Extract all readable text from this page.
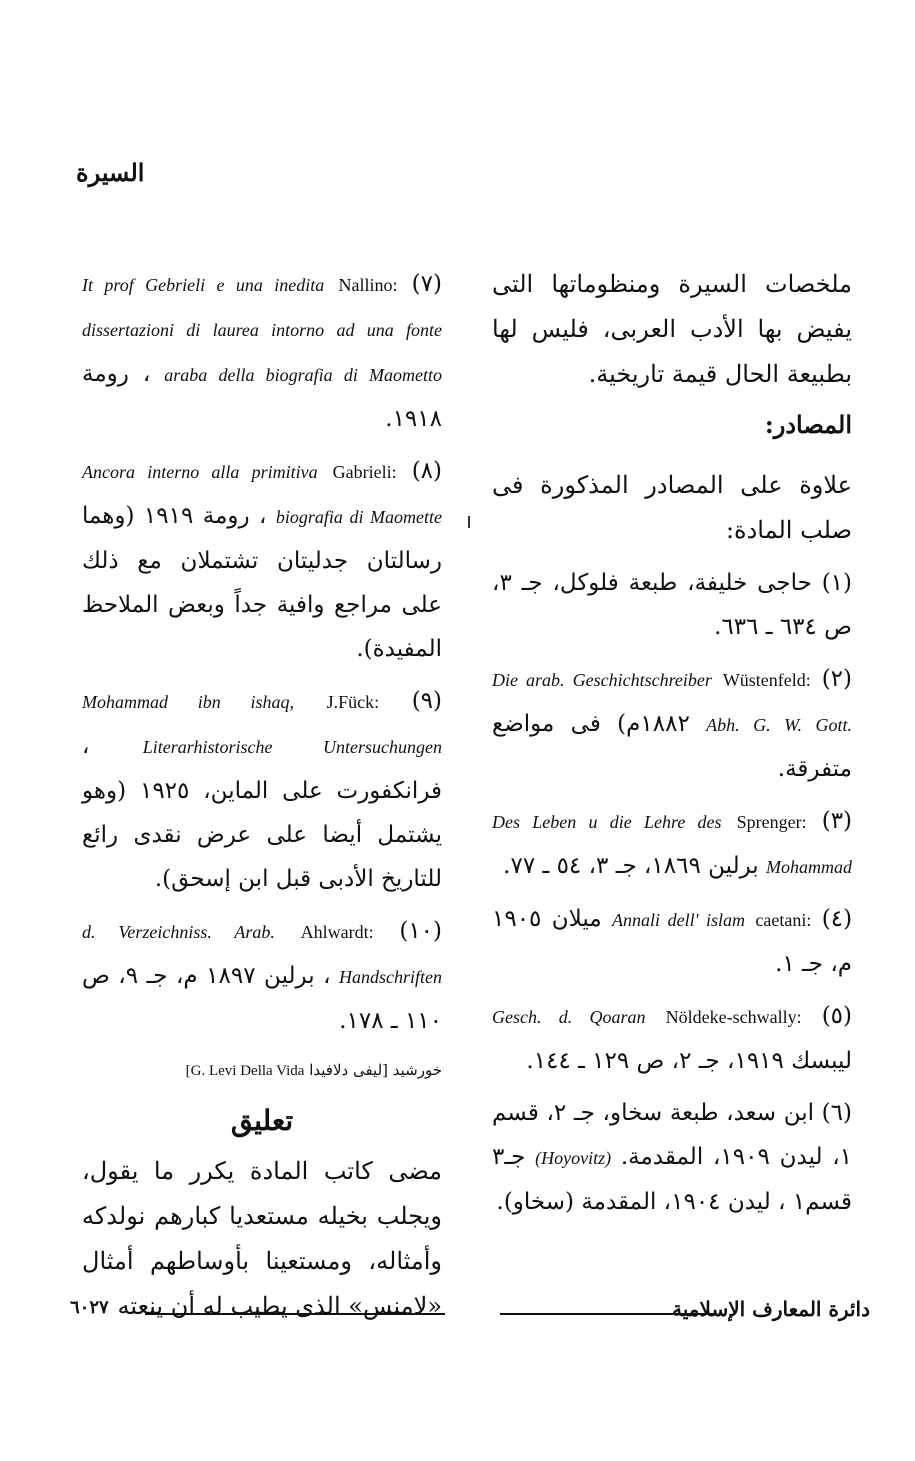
السيرة

ملخصات السيرة ومنظوماتها التى يفيض بها الأدب العربى، فليس لها بطبيعة الحال قيمة تاريخية.

المصادر:

علاوة على المصادر المذكورة فى صلب المادة:

(١) حاجى خليفة، طبعة فلوكل، جـ ٣، ص ٦٣٤ ـ ٦٣٦.

(٢) Wüstenfeld: Die arab. Geschichtschreiber Abh. G. W. Gott. ١٨٨٢م) فى مواضع متفرقة.

(٣) Sprenger: Des Leben u die Lehre des Mohammad برلين ١٨٦٩، جـ ٣، ٥٤ ـ ٧٧.

(٤) caetani: Annali dell' islam ميلان ١٩٠٥ م، جـ ١.

(٥) Nöldeke-schwally: Gesch. d. Qoaran ليبسك ١٩١٩، جـ ٢، ص ١٢٩ ـ ١٤٤.

(٦) ابن سعد، طبعة سخاو، جـ ٢، قسم ١، ليدن ١٩٠٩، المقدمة. (Hoyovitz) جـ٣ قسم١ ، ليدن ١٩٠٤، المقدمة (سخاو).

(٧) Nallino: It prof Gebrieli e una inedita dissertazioni di laurea intorno ad una fonte araba della biografia di Maometto ، رومة ١٩١٨.

(٨) Gabrieli: Ancora interno alla primitiva biografia di Maomette ، رومة ١٩١٩ (وهما رسالتان جدليتان تشتملان مع ذلك على مراجع وافية جداً وبعض الملاحظ المفيدة).

(٩) J.Fück: Mohammad ibn ishaq, Literarhistorische Untersuchungen ، فرانكفورت على الماين، ١٩٢٥ (وهو يشتمل أيضا على عرض نقدى رائع للتاريخ الأدبى قبل ابن إسحق).

(١٠) Ahlwardt: d. Verzeichniss. Arab. Handschriften ، برلين ١٨٩٧ م، جـ ٩، ص ١١٠ ـ ١٧٨.

خورشيد [ليفى دلافيدا [G. Levi Della Vida
تعليق

مضى كاتب المادة يكرر ما يقول، ويجلب بخيله مستعديا كبارهم نولدكه وأمثاله، ومستعينا بأوساطهم أمثال «لامنس» الذى يطيب له أن ينعته	دائرة المعارف الإسلامية
٦٠٢٧
